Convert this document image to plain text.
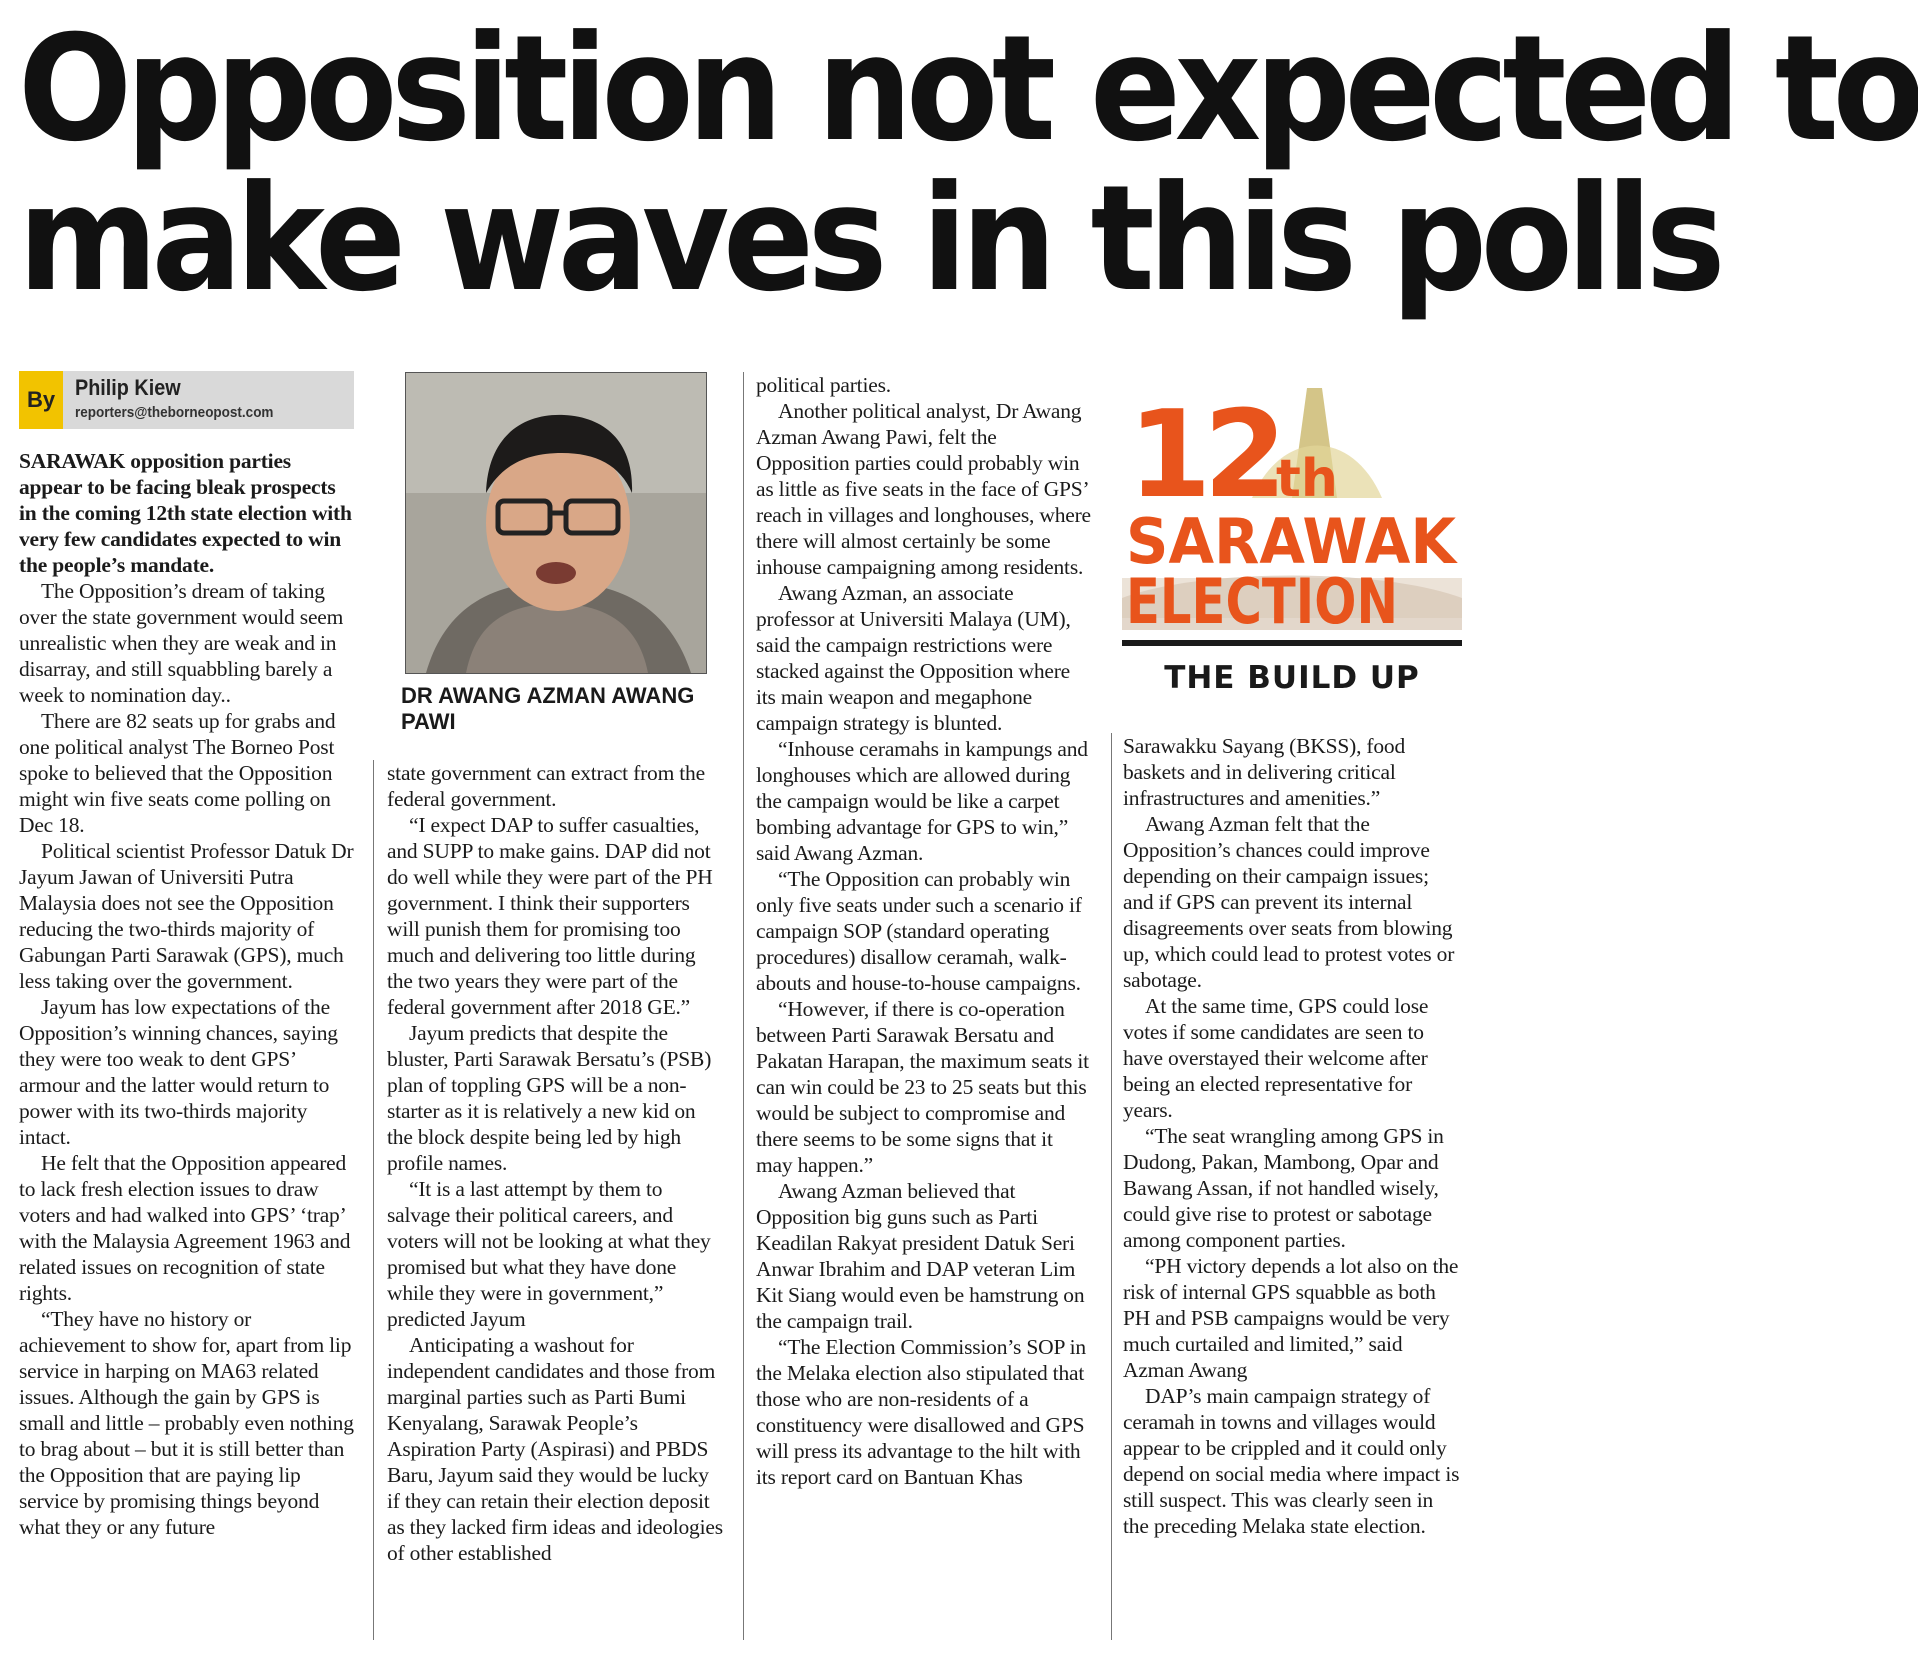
Opposition not expected to
make waves in this polls
By Philip Kiew
reporters@theborneopost.com

SARAWAK opposition parties appear to be facing bleak prospects in the coming 12th state election with very few candidates expected to win the people’s mandate.

The Opposition’s dream of taking over the state government would seem unrealistic when they are weak and in disarray, and still squabbling barely a week to nomination day..

There are 82 seats up for grabs and one political analyst The Borneo Post spoke to believed that the Opposition might win five seats come polling on Dec 18.

Political scientist Professor Datuk Dr Jayum Jawan of Universiti Putra Malaysia does not see the Opposition reducing the two-thirds majority of Gabungan Parti Sarawak (GPS), much less taking over the government.

Jayum has low expectations of the Opposition’s winning chances, saying they were too weak to dent GPS’ armour and the latter would return to power with its two-thirds majority intact.

He felt that the Opposition appeared to lack fresh election issues to draw voters and had walked into GPS’ ‘trap’ with the Malaysia Agreement 1963 and related issues on recognition of state rights.

“They have no history or achievement to show for, apart from lip service in harping on MA63 related issues. Although the gain by GPS is small and little – probably even nothing to brag about – but it is still better than the Opposition that are paying lip service by promising things beyond what they or any future

DR AWANG AZMAN AWANG PAWI

state government can extract from the federal government.

“I expect DAP to suffer casualties, and SUPP to make gains. DAP did not do well while they were part of the PH government. I think their supporters will punish them for promising too much and delivering too little during the two years they were part of the federal government after 2018 GE.”

Jayum predicts that despite the bluster, Parti Sarawak Bersatu’s (PSB) plan of toppling GPS will be a non-starter as it is relatively a new kid on the block despite being led by high profile names.

“It is a last attempt by them to salvage their political careers, and voters will not be looking at what they promised but what they have done while they were in government,” predicted Jayum

Anticipating a washout for independent candidates and those from marginal parties such as Parti Bumi Kenyalang, Sarawak People’s Aspiration Party (Aspirasi) and PBDS Baru, Jayum said they would be lucky if they can retain their election deposit as they lacked firm ideas and ideologies of other established

political parties.

Another political analyst, Dr Awang Azman Awang Pawi, felt the Opposition parties could probably win as little as five seats in the face of GPS’ reach in villages and longhouses, where there will almost certainly be some inhouse campaigning among residents.

Awang Azman, an associate professor at Universiti Malaya (UM), said the campaign restrictions were stacked against the Opposition where its main weapon and megaphone campaign strategy is blunted.

“Inhouse ceramahs in kampungs and longhouses which are allowed during the campaign would be like a carpet bombing advantage for GPS to win,” said Awang Azman.

“The Opposition can probably win only five seats under such a scenario if campaign SOP (standard operating procedures) disallow ceramah, walk-abouts and house-to-house campaigns.

“However, if there is co-operation between Parti Sarawak Bersatu and Pakatan Harapan, the maximum seats it can win could be 23 to 25 seats but this would be subject to compromise and there seems to be some signs that it may happen.”

Awang Azman believed that Opposition big guns such as Parti Keadilan Rakyat president Datuk Seri Anwar Ibrahim and DAP veteran Lim Kit Siang would even be hamstrung on the campaign trail.

“The Election Commission’s SOP in the Melaka election also stipulated that those who are non-residents of a constituency were disallowed and GPS will press its advantage to the hilt with its report card on Bantuan Khas

12
th
SARAWAK
ELECTION
THE BUILD UP

Sarawakku Sayang (BKSS), food baskets and in delivering critical infrastructures and amenities.”

Awang Azman felt that the Opposition’s chances could improve depending on their campaign issues; and if GPS can prevent its internal disagreements over seats from blowing up, which could lead to protest votes or sabotage.

At the same time, GPS could lose votes if some candidates are seen to have overstayed their welcome after being an elected representative for years.

“The seat wrangling among GPS in Dudong, Pakan, Mambong, Opar and Bawang Assan, if not handled wisely, could give rise to protest or sabotage among component parties.

“PH victory depends a lot also on the risk of internal GPS squabble as both PH and PSB campaigns would be very much curtailed and limited,” said Azman Awang

DAP’s main campaign strategy of ceramah in towns and villages would appear to be crippled and it could only depend on social media where impact is still suspect. This was clearly seen in the preceding Melaka state election.
